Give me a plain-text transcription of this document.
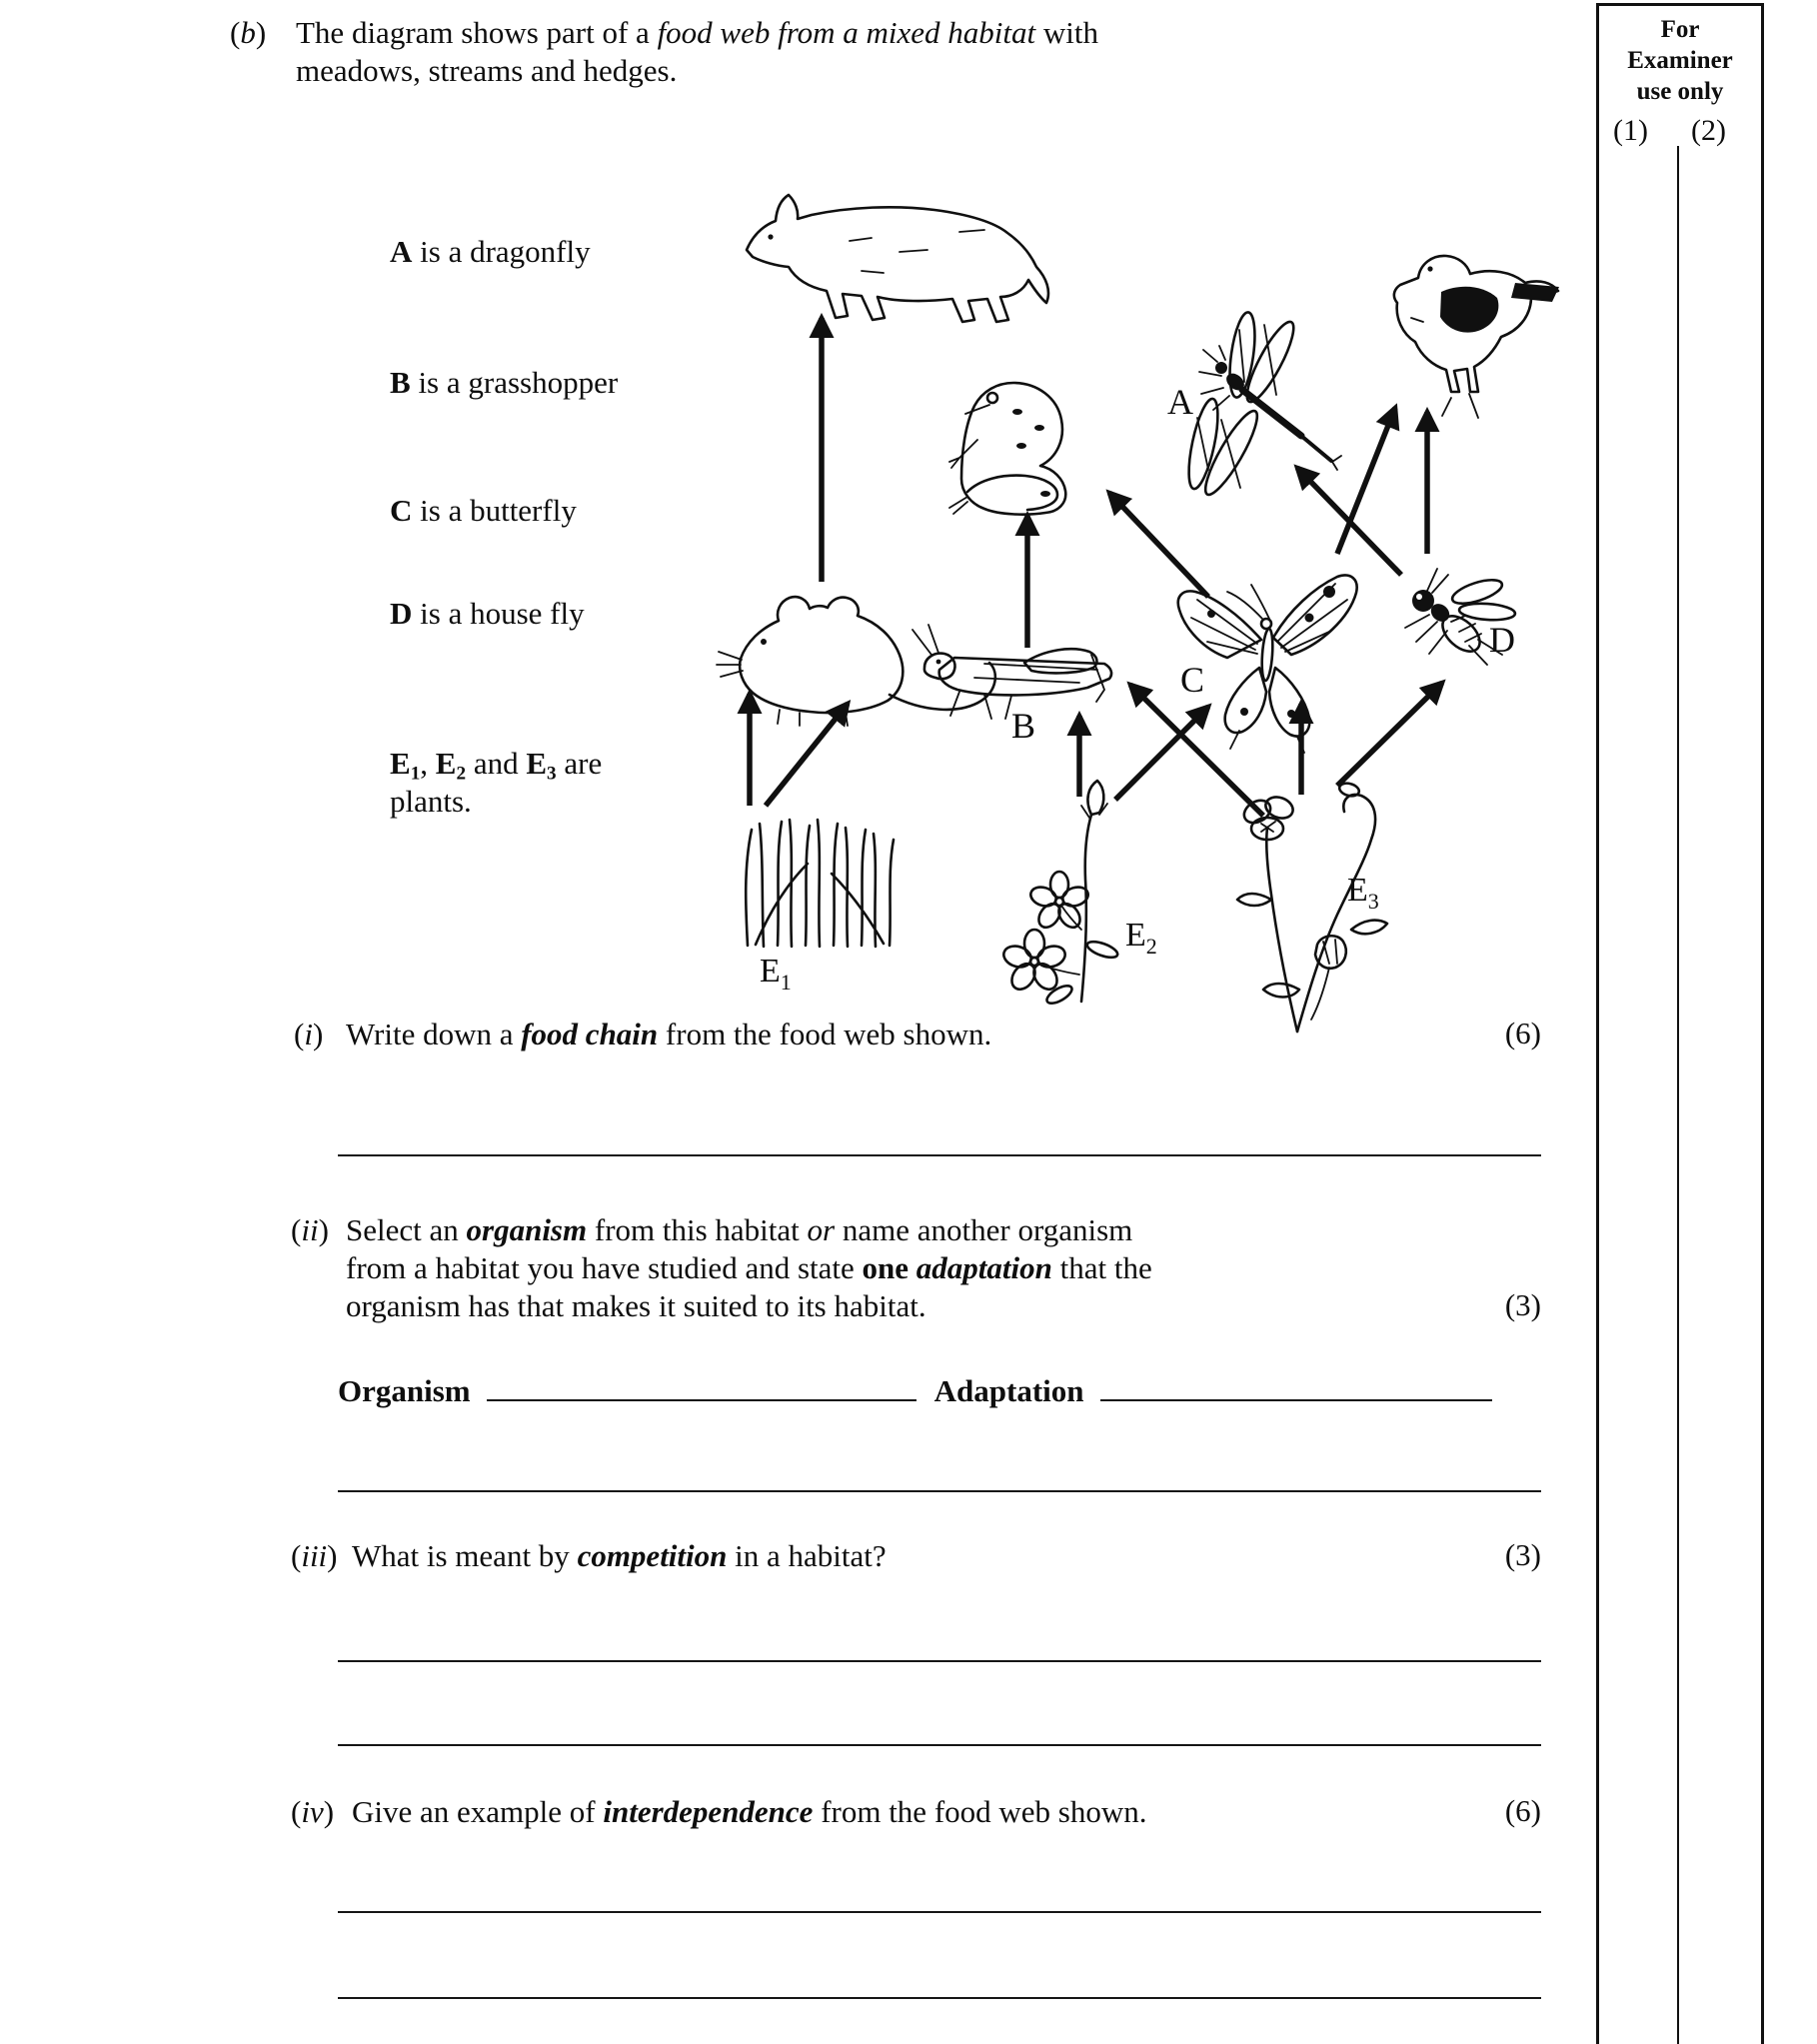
(b) The diagram shows part of a food web from a mixed habitat with meadows, streams and hedges.
For
Examiner
use only
(1) (2)
A is a dragonfly
B is a grasshopper
C is a butterfly
D is a house fly
E1, E2 and E3 are
plants.
A
B
C
D
$E_1$
$E_2$
$E_3$
(i) Write down a food chain from the food web shown.	(6)
(ii) Select an organism from this habitat or name another organism from a habitat you have studied and state one adaptation that the organism has that makes it suited to its habitat.	(3)
Organism	Adaptation
(iii) What is meant by competition in a habitat?	(3)
(iv) Give an example of interdependence from the food web shown.	(6)
